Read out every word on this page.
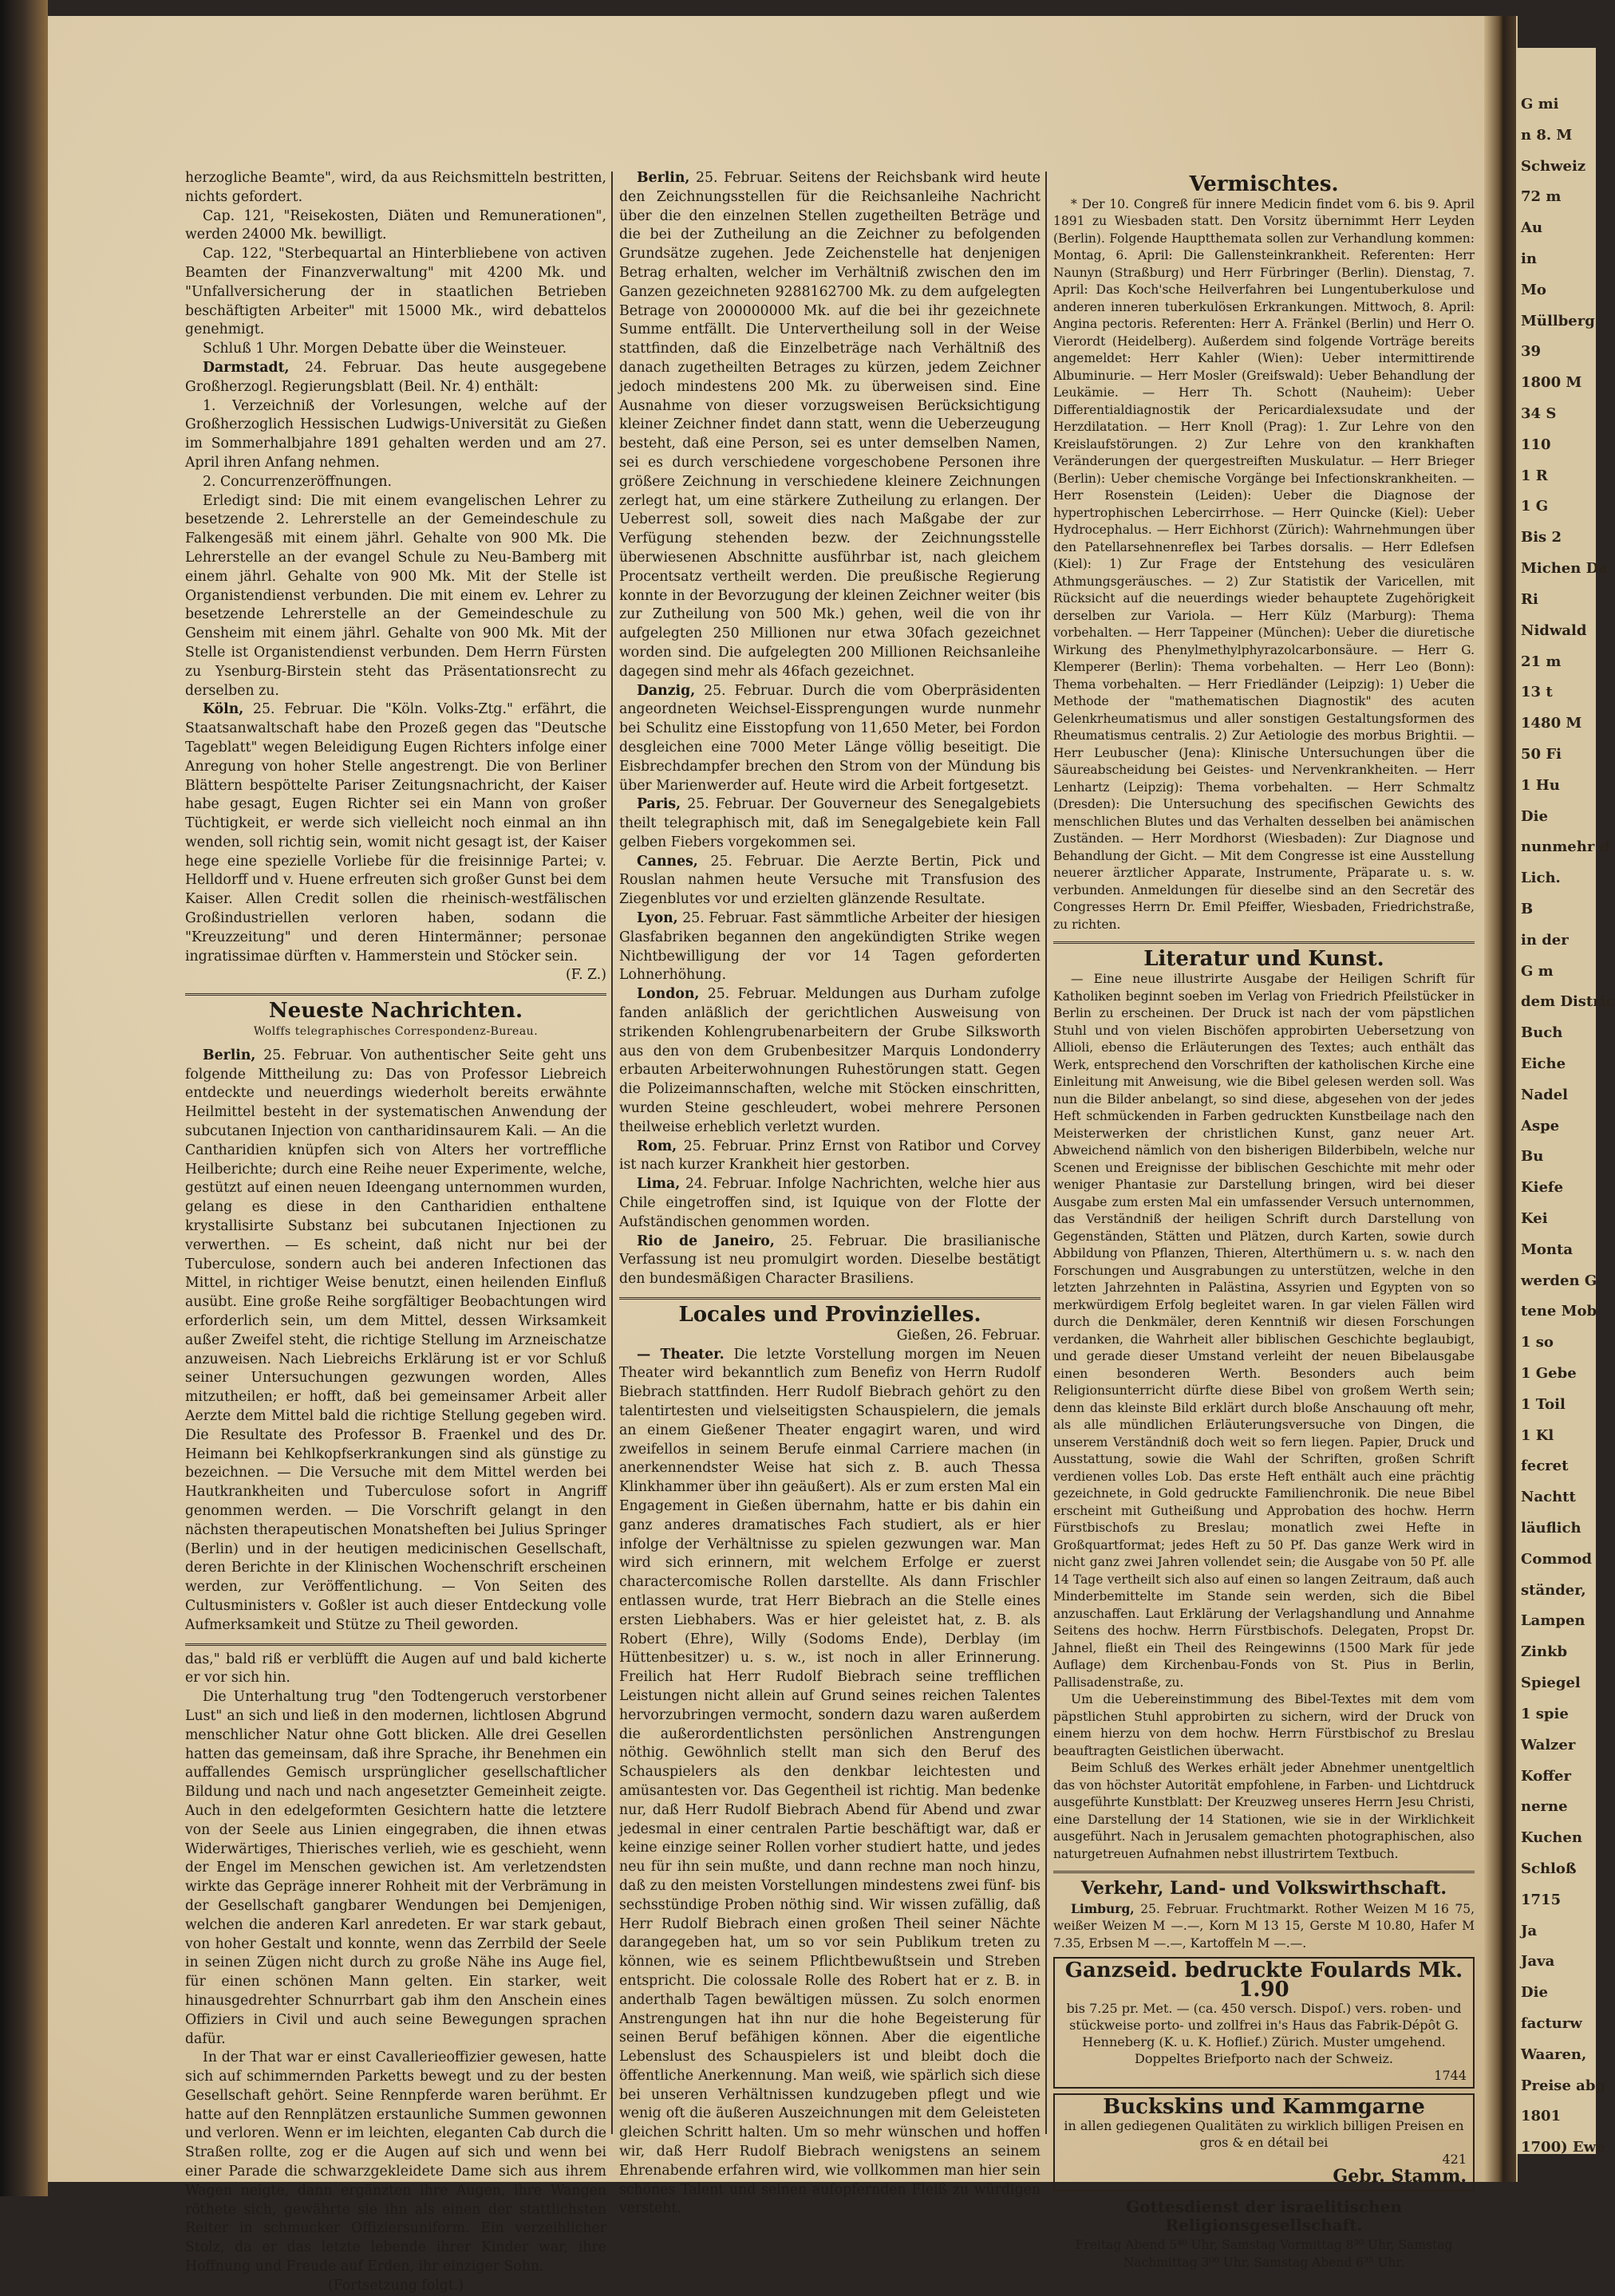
G mi
n 8. M
Schweiz
72 m
Au
in
Mo
Müllberg
39
1800 M
34 S
110
1 R
1 G
Bis 2
Michen Da
Ri
Nidwald
21 m
13 t
1480 M
50 Fi
1 Hu
Die
nunmehr d
Lich.
B
in der
G m
dem Distric
Buch
Eiche
Nadel
Aspe
Bu
Kiefe
Kei
Monta
werden G
tene Mob
1 so
1 Gebe
1 Toil
1 Kl
fecret
Nachtt
läuflich
Commod
ständer,
Lampen
Zinkb
Spiegel
1 spie
Walzer
Koffer
nerne
Kuchen
Schloß
1715
Ja
Java
Die
facturw
Waaren,
Preise abg
1801
1700) Ewe

herzogliche Beamte", wird, da aus Reichsmitteln bestritten, nichts gefordert.

Cap. 121, "Reisekosten, Diäten und Remunerationen", werden 24000 Mk. bewilligt.

Cap. 122, "Sterbequartal an Hinterbliebene von activen Beamten der Finanzverwaltung" mit 4200 Mk. und "Unfallversicherung der in staatlichen Betrieben beschäftigten Arbeiter" mit 15000 Mk., wird debattelos genehmigt.

Schluß 1 Uhr. Morgen Debatte über die Weinsteuer.

Darmstadt, 24. Februar. Das heute ausgegebene Großherzogl. Regierungsblatt (Beil. Nr. 4) enthält:

1. Verzeichniß der Vorlesungen, welche auf der Großherzoglich Hessischen Ludwigs-Universität zu Gießen im Sommerhalbjahre 1891 gehalten werden und am 27. April ihren Anfang nehmen.

2. Concurrenzeröffnungen.

Erledigt sind: Die mit einem evangelischen Lehrer zu besetzende 2. Lehrerstelle an der Gemeindeschule zu Falkengesäß mit einem jährl. Gehalte von 900 Mk. Die Lehrerstelle an der evangel Schule zu Neu-Bamberg mit einem jährl. Gehalte von 900 Mk. Mit der Stelle ist Organistendienst verbunden. Die mit einem ev. Lehrer zu besetzende Lehrerstelle an der Gemeindeschule zu Gensheim mit einem jährl. Gehalte von 900 Mk. Mit der Stelle ist Organistendienst verbunden. Dem Herrn Fürsten zu Ysenburg-Birstein steht das Präsentationsrecht zu derselben zu.

Köln, 25. Februar. Die "Köln. Volks-Ztg." erfährt, die Staatsanwaltschaft habe den Prozeß gegen das "Deutsche Tageblatt" wegen Beleidigung Eugen Richters infolge einer Anregung von hoher Stelle angestrengt. Die von Berliner Blättern bespöttelte Pariser Zeitungsnachricht, der Kaiser habe gesagt, Eugen Richter sei ein Mann von großer Tüchtigkeit, er werde sich vielleicht noch einmal an ihn wenden, soll richtig sein, womit nicht gesagt ist, der Kaiser hege eine spezielle Vorliebe für die freisinnige Partei; v. Helldorff und v. Huene erfreuten sich großer Gunst bei dem Kaiser. Allen Credit sollen die rheinisch-westfälischen Großindustriellen verloren haben, sodann die "Kreuzzeitung" und deren Hintermänner; personae ingratissimae dürften v. Hammerstein und Stöcker sein.

(F. Z.)
Neueste Nachrichten.
Wolffs telegraphisches Correspondenz-Bureau.

Berlin, 25. Februar. Von authentischer Seite geht uns folgende Mittheilung zu: Das von Professor Liebreich entdeckte und neuerdings wiederholt bereits erwähnte Heilmittel besteht in der systematischen Anwendung der subcutanen Injection von cantharidinsaurem Kali. — An die Cantharidien knüpfen sich von Alters her vortreffliche Heilberichte; durch eine Reihe neuer Experimente, welche, gestützt auf einen neuen Ideengang unternommen wurden, gelang es diese in den Cantharidien enthaltene krystallisirte Substanz bei subcutanen Injectionen zu verwerthen. — Es scheint, daß nicht nur bei der Tuberculose, sondern auch bei anderen Infectionen das Mittel, in richtiger Weise benutzt, einen heilenden Einfluß ausübt. Eine große Reihe sorgfältiger Beobachtungen wird erforderlich sein, um dem Mittel, dessen Wirksamkeit außer Zweifel steht, die richtige Stellung im Arzneischatze anzuweisen. Nach Liebreichs Erklärung ist er vor Schluß seiner Untersuchungen gezwungen worden, Alles mitzutheilen; er hofft, daß bei gemeinsamer Arbeit aller Aerzte dem Mittel bald die richtige Stellung gegeben wird. Die Resultate des Professor B. Fraenkel und des Dr. Heimann bei Kehlkopfserkrankungen sind als günstige zu bezeichnen. — Die Versuche mit dem Mittel werden bei Hautkrankheiten und Tuberculose sofort in Angriff genommen werden. — Die Vorschrift gelangt in den nächsten therapeutischen Monatsheften bei Julius Springer (Berlin) und in der heutigen medicinischen Gesellschaft, deren Berichte in der Klinischen Wochenschrift erscheinen werden, zur Veröffentlichung. — Von Seiten des Cultusministers v. Goßler ist auch dieser Entdeckung volle Aufmerksamkeit und Stütze zu Theil geworden.

das," bald riß er verblüfft die Augen auf und bald kicherte er vor sich hin.

Die Unterhaltung trug "den Todtengeruch verstorbener Lust" an sich und ließ in den modernen, lichtlosen Abgrund menschlicher Natur ohne Gott blicken. Alle drei Gesellen hatten das gemeinsam, daß ihre Sprache, ihr Benehmen ein auffallendes Gemisch ursprünglicher gesellschaftlicher Bildung und nach und nach angesetzter Gemeinheit zeigte. Auch in den edelgeformten Gesichtern hatte die letztere von der Seele aus Linien eingegraben, die ihnen etwas Widerwärtiges, Thierisches verlieh, wie es geschieht, wenn der Engel im Menschen gewichen ist. Am verletzendsten wirkte das Gepräge innerer Rohheit mit der Verbrämung in der Gesellschaft gangbarer Wendungen bei Demjenigen, welchen die anderen Karl anredeten. Er war stark gebaut, von hoher Gestalt und konnte, wenn das Zerrbild der Seele in seinen Zügen nicht durch zu große Nähe ins Auge fiel, für einen schönen Mann gelten. Ein starker, weit hinausgedrehter Schnurrbart gab ihm den Anschein eines Offiziers in Civil und auch seine Bewegungen sprachen dafür.

In der That war er einst Cavallerieoffizier gewesen, hatte sich auf schimmernden Parketts bewegt und zu der besten Gesellschaft gehört. Seine Rennpferde waren berühmt. Er hatte auf den Rennplätzen erstaunliche Summen gewonnen und verloren. Wenn er im leichten, eleganten Cab durch die Straßen rollte, zog er die Augen auf sich und wenn bei einer Parade die schwarzgekleidete Dame sich aus ihrem Wagen neigte, dann ergänzten ihre Augen, ihre Wangen röthete sich, gewährte sie ihn als einen der stattlichsten Reiter in schmucker Offiziersuniform. Ein verzeihlicher Stolz, da er das letzte lebende ihrer Kinder war, ihre Hoffnung und Freude auf Erden, ihr einziger Sohn.

(Fortsetzung folgt.)

Berlin, 25. Februar. Seitens der Reichsbank wird heute den Zeichnungsstellen für die Reichsanleihe Nachricht über die den einzelnen Stellen zugetheilten Beträge und die bei der Zutheilung an die Zeichner zu befolgenden Grundsätze zugehen. Jede Zeichenstelle hat denjenigen Betrag erhalten, welcher im Verhältniß zwischen den im Ganzen gezeichneten 9288162700 Mk. zu dem aufgelegten Betrage von 200000000 Mk. auf die bei ihr gezeichnete Summe entfällt. Die Untervertheilung soll in der Weise stattfinden, daß die Einzelbeträge nach Verhältniß des danach zugetheilten Betrages zu kürzen, jedem Zeichner jedoch mindestens 200 Mk. zu überweisen sind. Eine Ausnahme von dieser vorzugsweisen Berücksichtigung kleiner Zeichner findet dann statt, wenn die Ueberzeugung besteht, daß eine Person, sei es unter demselben Namen, sei es durch verschiedene vorgeschobene Personen ihre größere Zeichnung in verschiedene kleinere Zeichnungen zerlegt hat, um eine stärkere Zutheilung zu erlangen. Der Ueberrest soll, soweit dies nach Maßgabe der zur Verfügung stehenden bezw. der Zeichnungsstelle überwiesenen Abschnitte ausführbar ist, nach gleichem Procentsatz vertheilt werden. Die preußische Regierung konnte in der Bevorzugung der kleinen Zeichner weiter (bis zur Zutheilung von 500 Mk.) gehen, weil die von ihr aufgelegten 250 Millionen nur etwa 30fach gezeichnet worden sind. Die aufgelegten 200 Millionen Reichsanleihe dagegen sind mehr als 46fach gezeichnet.

Danzig, 25. Februar. Durch die vom Oberpräsidenten angeordneten Weichsel-Eissprengungen wurde nunmehr bei Schulitz eine Eisstopfung von 11,650 Meter, bei Fordon desgleichen eine 7000 Meter Länge völlig beseitigt. Die Eisbrechdampfer brechen den Strom von der Mündung bis über Marienwerder auf. Heute wird die Arbeit fortgesetzt.

Paris, 25. Februar. Der Gouverneur des Senegalgebiets theilt telegraphisch mit, daß im Senegalgebiete kein Fall gelben Fiebers vorgekommen sei.

Cannes, 25. Februar. Die Aerzte Bertin, Pick und Rouslan nahmen heute Versuche mit Transfusion des Ziegenblutes vor und erzielten glänzende Resultate.

Lyon, 25. Februar. Fast sämmtliche Arbeiter der hiesigen Glasfabriken begannen den angekündigten Strike wegen Nichtbewilligung der vor 14 Tagen geforderten Lohnerhöhung.

London, 25. Februar. Meldungen aus Durham zufolge fanden anläßlich der gerichtlichen Ausweisung von strikenden Kohlengrubenarbeitern der Grube Silksworth aus den von dem Grubenbesitzer Marquis Londonderry erbauten Arbeiterwohnungen Ruhestörungen statt. Gegen die Polizeimannschaften, welche mit Stöcken einschritten, wurden Steine geschleudert, wobei mehrere Personen theilweise erheblich verletzt wurden.

Rom, 25. Februar. Prinz Ernst von Ratibor und Corvey ist nach kurzer Krankheit hier gestorben.

Lima, 24. Februar. Infolge Nachrichten, welche hier aus Chile eingetroffen sind, ist Iquique von der Flotte der Aufständischen genommen worden.

Rio de Janeiro, 25. Februar. Die brasilianische Verfassung ist neu promulgirt worden. Dieselbe bestätigt den bundesmäßigen Character Brasiliens.

Locales und Provinzielles.
Gießen, 26. Februar.

— Theater. Die letzte Vorstellung morgen im Neuen Theater wird bekanntlich zum Benefiz von Herrn Rudolf Biebrach stattfinden. Herr Rudolf Biebrach gehört zu den talentirtesten und vielseitigsten Schauspielern, die jemals an einem Gießener Theater engagirt waren, und wird zweifellos in seinem Berufe einmal Carriere machen (in anerkennendster Weise hat sich z. B. auch Thessa Klinkhammer über ihn geäußert). Als er zum ersten Mal ein Engagement in Gießen übernahm, hatte er bis dahin ein ganz anderes dramatisches Fach studiert, als er hier infolge der Verhältnisse zu spielen gezwungen war. Man wird sich erinnern, mit welchem Erfolge er zuerst charactercomische Rollen darstellte. Als dann Frischler entlassen wurde, trat Herr Biebrach an die Stelle eines ersten Liebhabers. Was er hier geleistet hat, z. B. als Robert (Ehre), Willy (Sodoms Ende), Derblay (im Hüttenbesitzer) u. s. w., ist noch in aller Erinnerung. Freilich hat Herr Rudolf Biebrach seine trefflichen Leistungen nicht allein auf Grund seines reichen Talentes hervorzubringen vermocht, sondern dazu waren außerdem die außerordentlichsten persönlichen Anstrengungen nöthig. Gewöhnlich stellt man sich den Beruf des Schauspielers als den denkbar leichtesten und amüsantesten vor. Das Gegentheil ist richtig. Man bedenke nur, daß Herr Rudolf Biebrach Abend für Abend und zwar jedesmal in einer centralen Partie beschäftigt war, daß er keine einzige seiner Rollen vorher studiert hatte, und jedes neu für ihn sein mußte, und dann rechne man noch hinzu, daß zu den meisten Vorstellungen mindestens zwei fünf- bis sechsstündige Proben nöthig sind. Wir wissen zufällig, daß Herr Rudolf Biebrach einen großen Theil seiner Nächte darangegeben hat, um so vor sein Publikum treten zu können, wie es seinem Pflichtbewußtsein und Streben entspricht. Die colossale Rolle des Robert hat er z. B. in anderthalb Tagen bewältigen müssen. Zu solch enormen Anstrengungen hat ihn nur die hohe Begeisterung für seinen Beruf befähigen können. Aber die eigentliche Lebenslust des Schauspielers ist und bleibt doch die öffentliche Anerkennung. Man weiß, wie spärlich sich diese bei unseren Verhältnissen kundzugeben pflegt und wie wenig oft die äußeren Auszeichnungen mit dem Geleisteten gleichen Schritt halten. Um so mehr wünschen und hoffen wir, daß Herr Rudolf Biebrach wenigstens an seinem Ehrenabende erfahren wird, wie vollkommen man hier sein schönes Talent und seinen aufopfernden Fleiß zu würdigen versteht.

Vermischtes.

* Der 10. Congreß für innere Medicin findet vom 6. bis 9. April 1891 zu Wiesbaden statt. Den Vorsitz übernimmt Herr Leyden (Berlin). Folgende Hauptthemata sollen zur Verhandlung kommen: Montag, 6. April: Die Gallensteinkrankheit. Referenten: Herr Naunyn (Straßburg) und Herr Fürbringer (Berlin). Dienstag, 7. April: Das Koch'sche Heilverfahren bei Lungentuberkulose und anderen inneren tuberkulösen Erkrankungen. Mittwoch, 8. April: Angina pectoris. Referenten: Herr A. Fränkel (Berlin) und Herr O. Vierordt (Heidelberg). Außerdem sind folgende Vorträge bereits angemeldet: Herr Kahler (Wien): Ueber intermittirende Albuminurie. — Herr Mosler (Greifswald): Ueber Behandlung der Leukämie. — Herr Th. Schott (Nauheim): Ueber Differentialdiagnostik der Pericardialexsudate und der Herzdilatation. — Herr Knoll (Prag): 1. Zur Lehre von den Kreislaufstörungen. 2) Zur Lehre von den krankhaften Veränderungen der quergestreiften Muskulatur. — Herr Brieger (Berlin): Ueber chemische Vorgänge bei Infectionskrankheiten. — Herr Rosenstein (Leiden): Ueber die Diagnose der hypertrophischen Lebercirrhose. — Herr Quincke (Kiel): Ueber Hydrocephalus. — Herr Eichhorst (Zürich): Wahrnehmungen über den Patellarsehnenreflex bei Tarbes dorsalis. — Herr Edlefsen (Kiel): 1) Zur Frage der Entstehung des vesiculären Athmungsgeräusches. — 2) Zur Statistik der Varicellen, mit Rücksicht auf die neuerdings wieder behauptete Zugehörigkeit derselben zur Variola. — Herr Külz (Marburg): Thema vorbehalten. — Herr Tappeiner (München): Ueber die diuretische Wirkung des Phenylmethylphyrazolcarbonsäure. — Herr G. Klemperer (Berlin): Thema vorbehalten. — Herr Leo (Bonn): Thema vorbehalten. — Herr Friedländer (Leipzig): 1) Ueber die Methode der "mathematischen Diagnostik" des acuten Gelenkrheumatismus und aller sonstigen Gestaltungsformen des Rheumatismus centralis. 2) Zur Aetiologie des morbus Brightii. — Herr Leubuscher (Jena): Klinische Untersuchungen über die Säureabscheidung bei Geistes- und Nervenkrankheiten. — Herr Lenhartz (Leipzig): Thema vorbehalten. — Herr Schmaltz (Dresden): Die Untersuchung des specifischen Gewichts des menschlichen Blutes und das Verhalten desselben bei anämischen Zuständen. — Herr Mordhorst (Wiesbaden): Zur Diagnose und Behandlung der Gicht. — Mit dem Congresse ist eine Ausstellung neuerer ärztlicher Apparate, Instrumente, Präparate u. s. w. verbunden. Anmeldungen für dieselbe sind an den Secretär des Congresses Herrn Dr. Emil Pfeiffer, Wiesbaden, Friedrichstraße, zu richten.

Literatur und Kunst.

— Eine neue illustrirte Ausgabe der Heiligen Schrift für Katholiken beginnt soeben im Verlag von Friedrich Pfeilstücker in Berlin zu erscheinen. Der Druck ist nach der vom päpstlichen Stuhl und von vielen Bischöfen approbirten Uebersetzung von Allioli, ebenso die Erläuterungen des Textes; auch enthält das Werk, entsprechend den Vorschriften der katholischen Kirche eine Einleitung mit Anweisung, wie die Bibel gelesen werden soll. Was nun die Bilder anbelangt, so sind diese, abgesehen von der jedes Heft schmückenden in Farben gedruckten Kunstbeilage nach den Meisterwerken der christlichen Kunst, ganz neuer Art. Abweichend nämlich von den bisherigen Bilderbibeln, welche nur Scenen und Ereignisse der biblischen Geschichte mit mehr oder weniger Phantasie zur Darstellung bringen, wird bei dieser Ausgabe zum ersten Mal ein umfassender Versuch unternommen, das Verständniß der heiligen Schrift durch Darstellung von Gegenständen, Stätten und Plätzen, durch Karten, sowie durch Abbildung von Pflanzen, Thieren, Alterthümern u. s. w. nach den Forschungen und Ausgrabungen zu unterstützen, welche in den letzten Jahrzehnten in Palästina, Assyrien und Egypten von so merkwürdigem Erfolg begleitet waren. In gar vielen Fällen wird durch die Denkmäler, deren Kenntniß wir diesen Forschungen verdanken, die Wahrheit aller biblischen Geschichte beglaubigt, und gerade dieser Umstand verleiht der neuen Bibelausgabe einen besonderen Werth. Besonders auch beim Religionsunterricht dürfte diese Bibel von großem Werth sein; denn das kleinste Bild erklärt durch bloße Anschauung oft mehr, als alle mündlichen Erläuterungsversuche von Dingen, die unserem Verständniß doch weit so fern liegen. Papier, Druck und Ausstattung, sowie die Wahl der Schriften, großen Schrift verdienen volles Lob. Das erste Heft enthält auch eine prächtig gezeichnete, in Gold gedruckte Familienchronik. Die neue Bibel erscheint mit Gutheißung und Approbation des hochw. Herrn Fürstbischofs zu Breslau; monatlich zwei Hefte in Großquartformat; jedes Heft zu 50 Pf. Das ganze Werk wird in nicht ganz zwei Jahren vollendet sein; die Ausgabe von 50 Pf. alle 14 Tage vertheilt sich also auf einen so langen Zeitraum, daß auch Minderbemittelte im Stande sein werden, sich die Bibel anzuschaffen. Laut Erklärung der Verlagshandlung und Annahme Seitens des hochw. Herrn Fürstbischofs. Delegaten, Propst Dr. Jahnel, fließt ein Theil des Reingewinns (1500 Mark für jede Auflage) dem Kirchenbau-Fonds von St. Pius in Berlin, Pallisadenstraße, zu.

Um die Uebereinstimmung des Bibel-Textes mit dem vom päpstlichen Stuhl approbirten zu sichern, wird der Druck von einem hierzu von dem hochw. Herrn Fürstbischof zu Breslau beauftragten Geistlichen überwacht.

Beim Schluß des Werkes erhält jeder Abnehmer unentgeltlich das von höchster Autorität empfohlene, in Farben- und Lichtdruck ausgeführte Kunstblatt: Der Kreuzweg unseres Herrn Jesu Christi, eine Darstellung der 14 Stationen, wie sie in der Wirklichkeit ausgeführt. Nach in Jerusalem gemachten photographischen, also naturgetreuen Aufnahmen nebst illustrirtem Textbuch.

Verkehr, Land- und Volkswirthschaft.

Limburg, 25. Februar. Fruchtmarkt. Rother Weizen M 16 75, weißer Weizen M —.—, Korn M 13 15, Gerste M 10.80, Hafer M 7.35, Erbsen M —.—, Kartoffeln M —.—.

Ganzseid. bedruckte Foulards Mk. 1.90
bis 7.25 pr. Met. — (ca. 450 versch. Dispoſ.) vers. roben- und stückweise porto- und zollfrei in's Haus das Fabrik-Dépôt G. Henneberg (K. u. K. Hoflief.) Zürich. Muster umgehend. Doppeltes Briefporto nach der Schweiz.
1744
Buckskins und Kammgarne
in allen gediegenen Qualitäten zu wirklich billigen Preisen en gros & en détail bei
421
Gebr. Stamm.
Gottesdienst der israelitischen Religionsgesellschaft.

Freitag Abend 5⁴⁰ Uhr, Samstag Vormittag 8³⁰ Uhr, Samstag Nachmittag 3⁰⁰ Uhr, Samstag Abend 6³⁵ Uhr.
